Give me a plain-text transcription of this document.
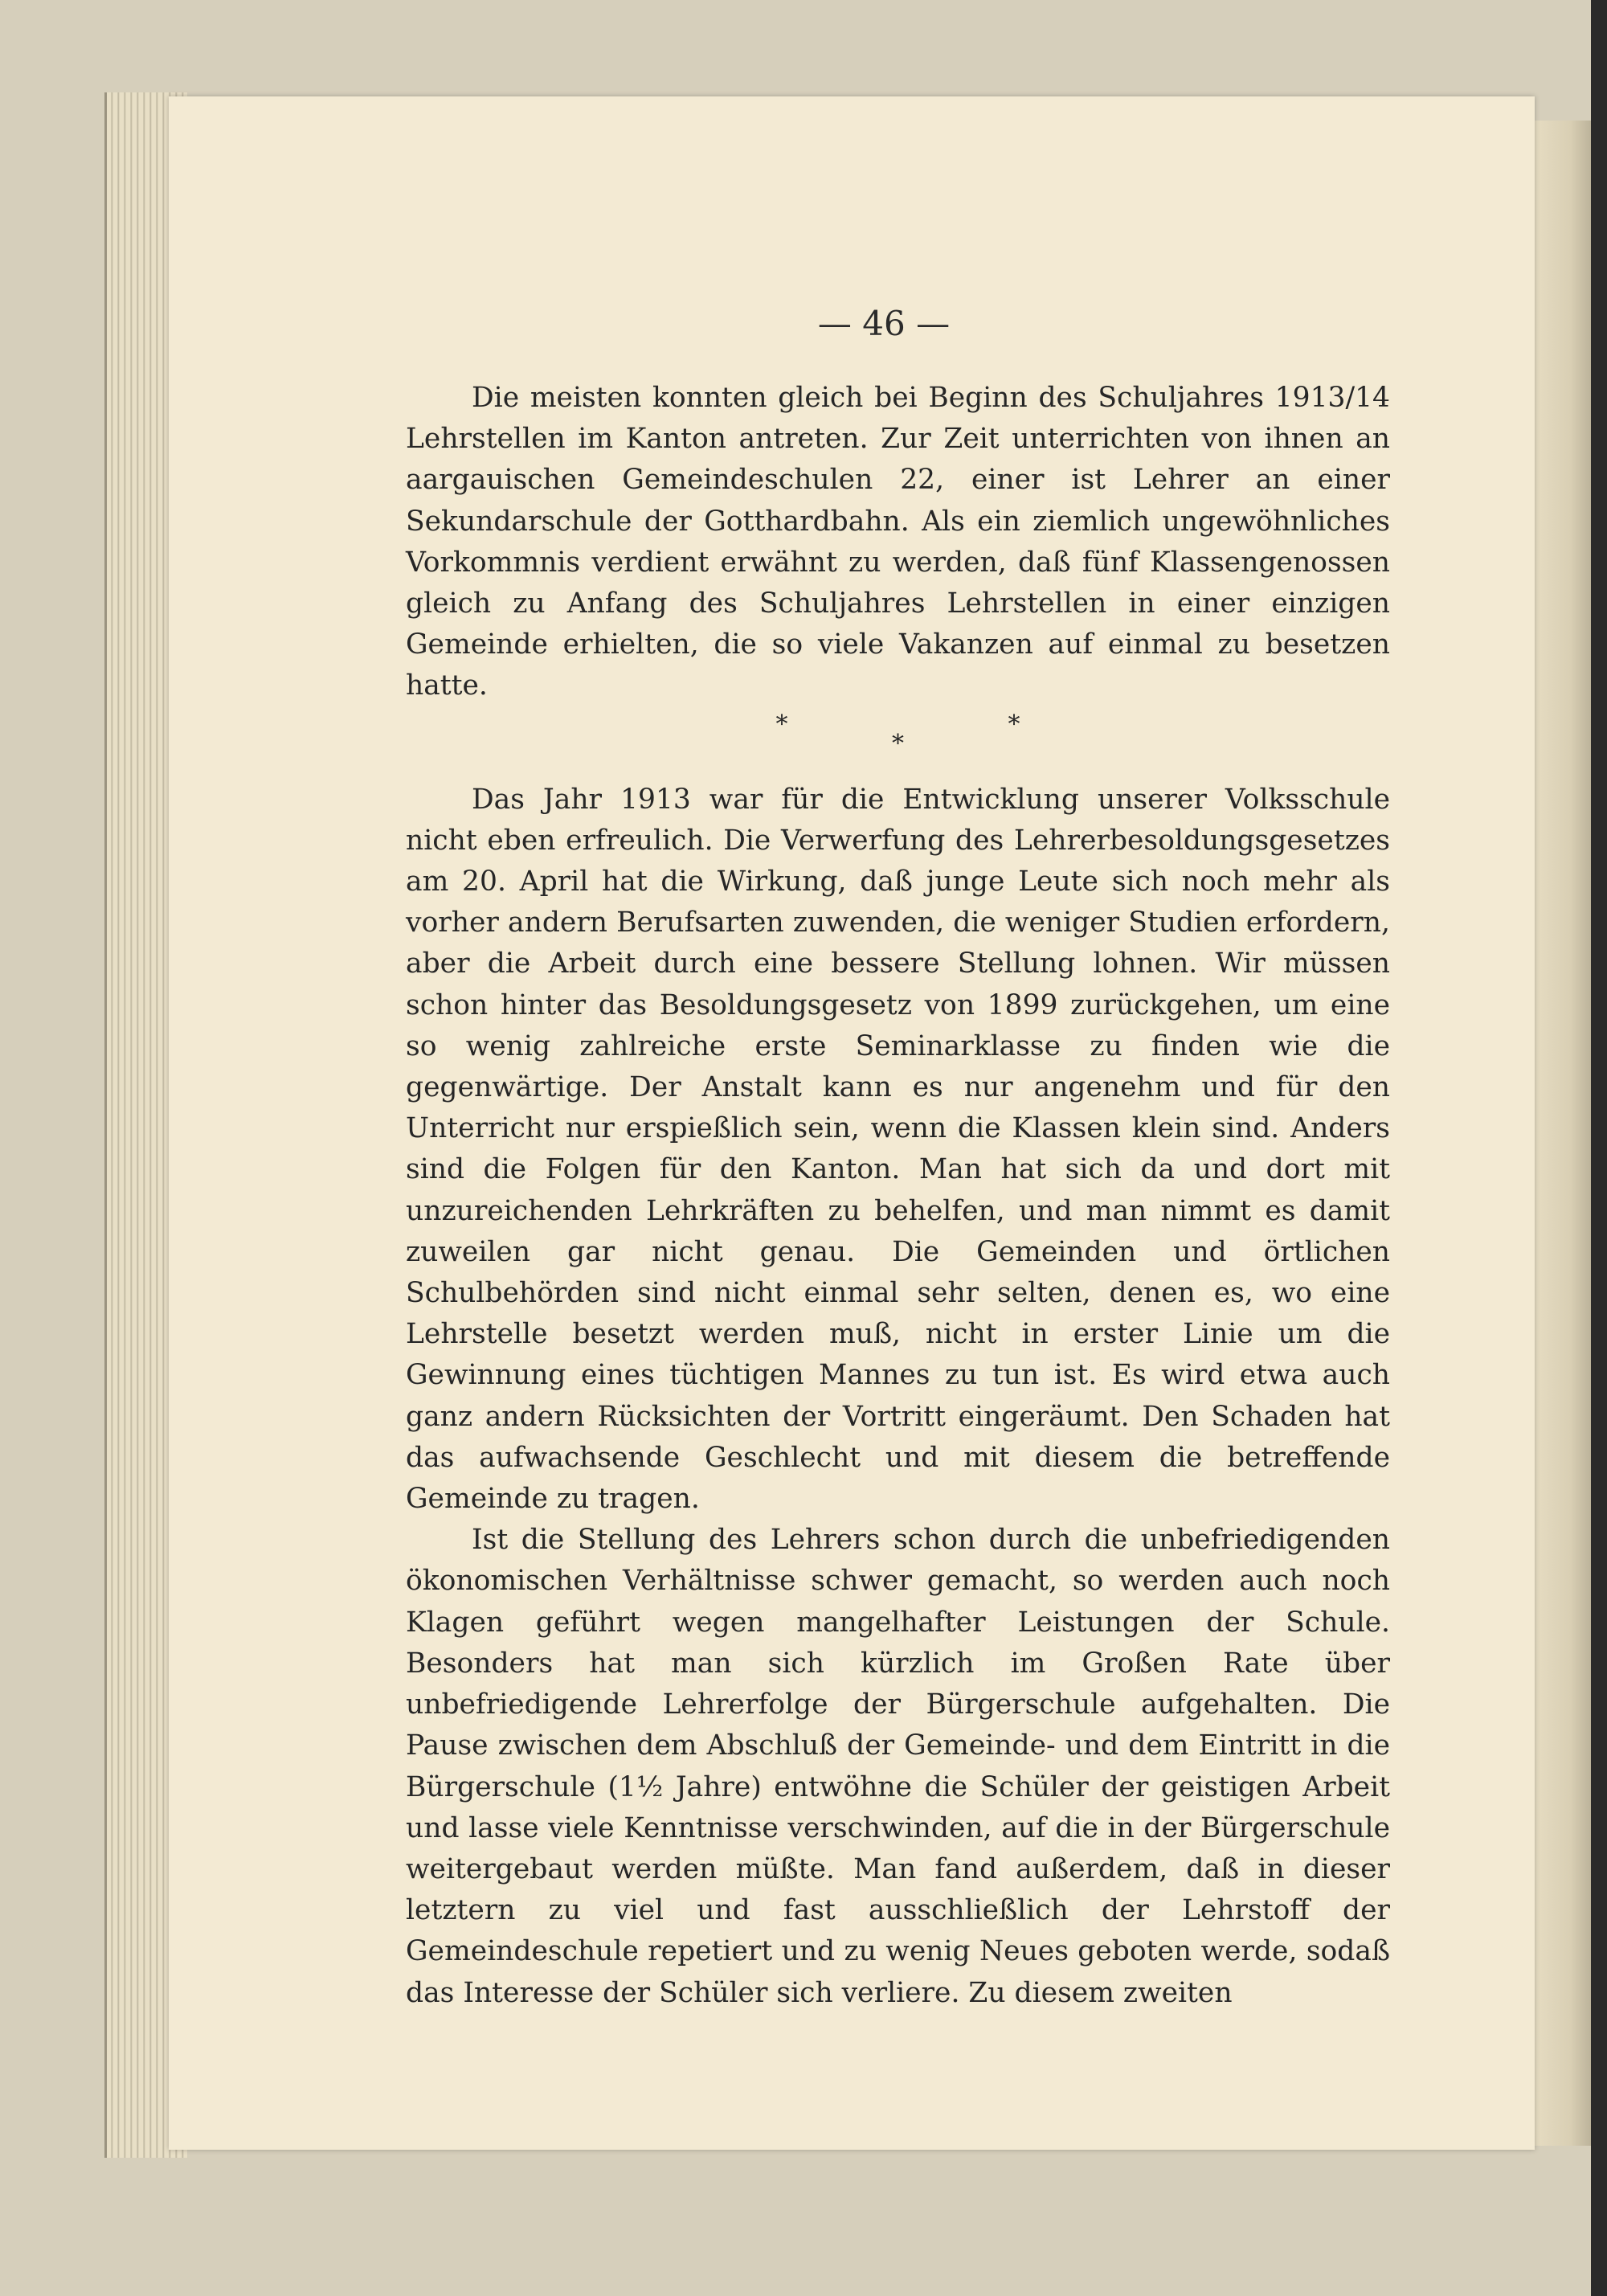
— 46 —

Die meisten konnten gleich bei Beginn des Schuljahres 1913/14 Lehrstellen im Kanton antreten. Zur Zeit unterrichten von ihnen an aargauischen Gemeindeschulen 22, einer ist Lehrer an einer Sekundarschule der Gotthardbahn. Als ein ziemlich ungewöhnliches Vorkommnis verdient erwähnt zu werden, daß fünf Klassengenossen gleich zu Anfang des Schuljahres Lehrstellen in einer einzigen Gemeinde erhielten, die so viele Vakanzen auf einmal zu besetzen hatte.

* * *

Das Jahr 1913 war für die Entwicklung unserer Volksschule nicht eben erfreulich. Die Verwerfung des Lehrerbesoldungsgesetzes am 20. April hat die Wirkung, daß junge Leute sich noch mehr als vorher andern Berufsarten zuwenden, die weniger Studien erfordern, aber die Arbeit durch eine bessere Stellung lohnen. Wir müssen schon hinter das Besoldungsgesetz von 1899 zurückgehen, um eine so wenig zahlreiche erste Seminarklasse zu finden wie die gegenwärtige. Der Anstalt kann es nur angenehm und für den Unterricht nur erspießlich sein, wenn die Klassen klein sind. Anders sind die Folgen für den Kanton. Man hat sich da und dort mit unzureichenden Lehrkräften zu behelfen, und man nimmt es damit zuweilen gar nicht genau. Die Gemeinden und örtlichen Schulbehörden sind nicht einmal sehr selten, denen es, wo eine Lehrstelle besetzt werden muß, nicht in erster Linie um die Gewinnung eines tüchtigen Mannes zu tun ist. Es wird etwa auch ganz andern Rücksichten der Vortritt eingeräumt. Den Schaden hat das aufwachsende Geschlecht und mit diesem die betreffende Gemeinde zu tragen.

Ist die Stellung des Lehrers schon durch die unbefriedigenden ökonomischen Verhältnisse schwer gemacht, so werden auch noch Klagen geführt wegen mangelhafter Leistungen der Schule. Besonders hat man sich kürzlich im Großen Rate über unbefriedigende Lehrerfolge der Bürgerschule aufgehalten. Die Pause zwischen dem Abschluß der Gemeinde- und dem Eintritt in die Bürgerschule (1½ Jahre) entwöhne die Schüler der geistigen Arbeit und lasse viele Kenntnisse verschwinden, auf die in der Bürgerschule weitergebaut werden müßte. Man fand außerdem, daß in dieser letztern zu viel und fast ausschließlich der Lehrstoff der Gemeindeschule repetiert und zu wenig Neues geboten werde, sodaß das Interesse der Schüler sich verliere. Zu diesem zweiten
